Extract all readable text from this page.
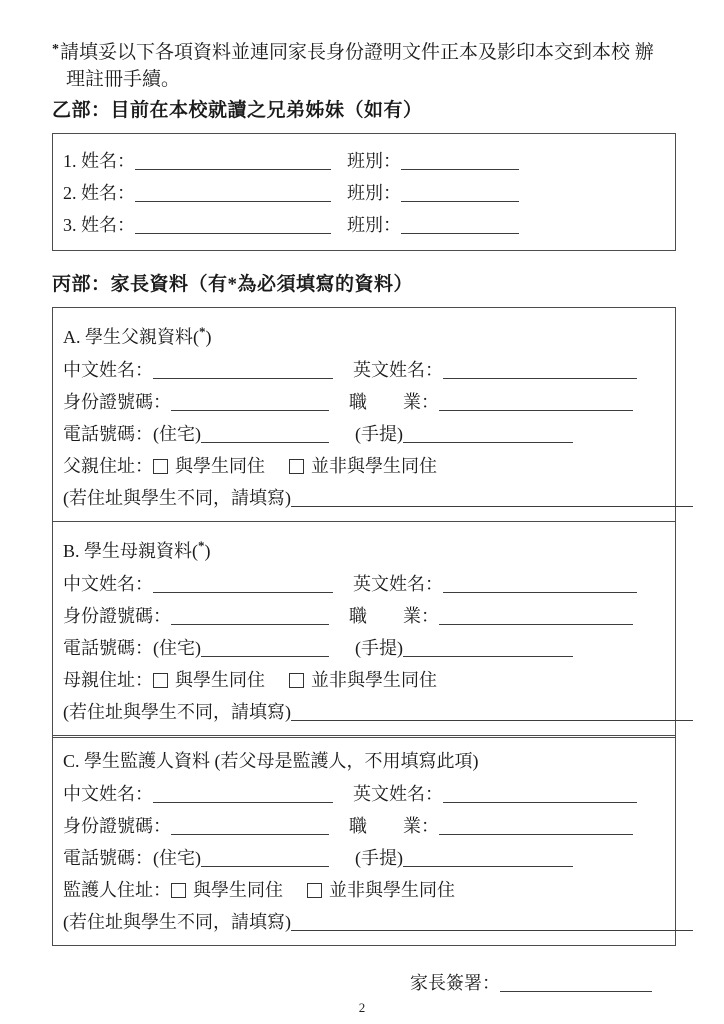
*請填妥以下各項資料並連同家長身份證明文件正本及影印本交到本校 辦
理註冊手續。
乙部：目前在本校就讀之兄弟姊妹（如有）
1. 姓名：	班別：
2. 姓名：	班別：
3. 姓名：	班別：
丙部：家長資料（有*為必須填寫的資料）
A. 學生父親資料(*)
中文姓名：	英文姓名：
身份證號碼：	職　　業：
電話號碼：(住宅)	(手提)
父親住址： 與學生同住	並非與學生同住
(若住址與學生不同，請填寫)
B. 學生母親資料(*)
中文姓名：	英文姓名：
身份證號碼：	職　　業：
電話號碼：(住宅)	(手提)
母親住址： 與學生同住	並非與學生同住
(若住址與學生不同，請填寫)
C. 學生監護人資料 (若父母是監護人，不用填寫此項)
中文姓名：	英文姓名：
身份證號碼：	職　　業：
電話號碼：(住宅)	(手提)
監護人住址： 與學生同住	並非與學生同住
(若住址與學生不同，請填寫)
家長簽署：
2
